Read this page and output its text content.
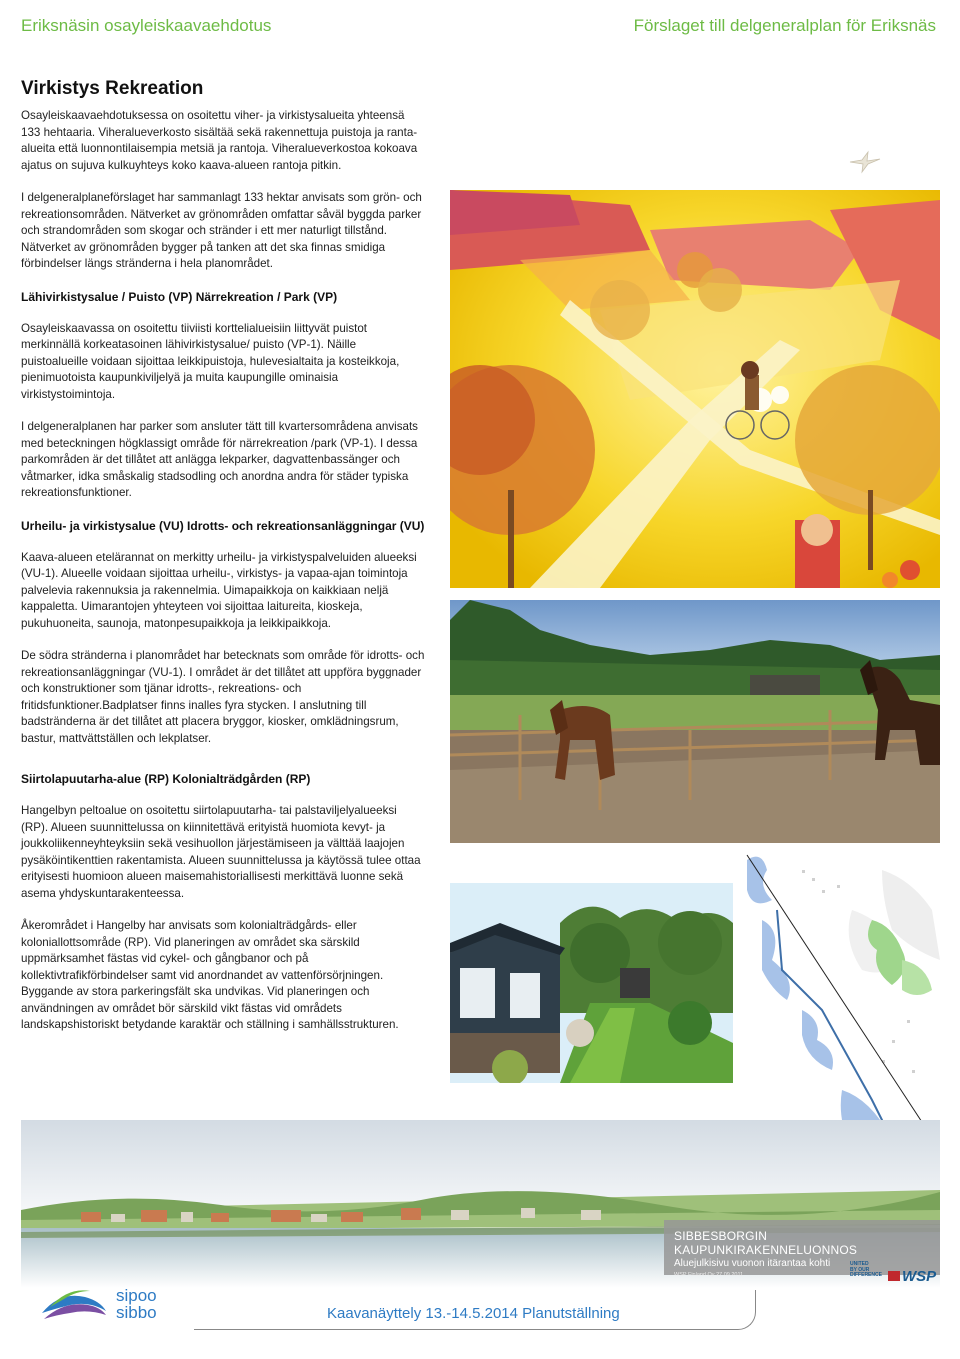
Eriksnäsin osayleiskaavaehdotus	Förslaget till delgeneralplan för Eriksnäs
Virkistys Rekreation
Osayleiskaavaehdotuksessa on osoitettu viher- ja virkistysalueita yhteensä 133 hehtaaria. Viheralueverkosto sisältää sekä rakennettuja puistoja ja ranta-alueita että luonnontilaisempia metsiä ja rantoja. Viheralueverkostoa kokoava ajatus on sujuva kulkuyhteys koko kaava-alueen rantoja pitkin.
I delgeneralplaneförslaget har sammanlagt 133 hektar anvisats som grön- och rekreationsområden. Nätverket av grönområden omfattar såväl byggda parker och strandområden som skogar och stränder i ett mer naturligt tillstånd. Nätverket av grönområden bygger på tanken att det ska finnas smidiga förbindelser längs stränderna i hela planområdet.
Lähivirkistysalue / Puisto (VP) Närrekreation / Park (VP)
Osayleiskaavassa on osoitettu tiiviisti korttelialueisiin liittyvät puistot merkinnällä korkeatasoinen lähivirkistysalue/ puisto (VP-1). Näille puistoalueille voidaan sijoittaa leikkipuistoja, hulevesialtaita ja kosteikkoja, pienimuotoista kaupunkiviljelyä ja muita kaupungille ominaisia virkistystoimintoja.
I delgeneralplanen har parker som ansluter tätt till kvartersområdena anvisats med beteckningen högklassigt område för närrekreation /park (VP-1). I dessa parkområden är det tillåtet att anlägga lekparker, dagvattenbassänger och våtmarker, idka småskalig stadsodling och anordna andra för städer typiska rekreationsfunktioner.
Urheilu- ja virkistysalue (VU) Idrotts- och rekreationsanläggningar (VU)
Kaava-alueen etelärannat on merkitty urheilu- ja virkistyspalveluiden alueeksi (VU-1). Alueelle voidaan sijoittaa urheilu-, virkistys- ja vapaa-ajan toimintoja palvelevia rakennuksia ja rakennelmia. Uimapaikkoja on kaikkiaan neljä kappaletta. Uimarantojen yhteyteen voi sijoittaa laitureita, kioskeja, pukuhuoneita, saunoja, matonpesupaikkoja ja leikkipaikkoja.
De södra stränderna i planområdet har betecknats som område för idrotts- och rekreationsanläggningar (VU-1). I området är det tillåtet att uppföra byggnader och konstruktioner som tjänar idrotts-, rekreations- och fritidsfunktioner.Badplatser finns inalles fyra stycken. I anslutning till badstränderna är det tillåtet att placera bryggor, kiosker, omklädningsrum, bastur, mattvättställen och lekplatser.
Siirtolapuutarha-alue (RP) Kolonialträdgården (RP)
Hangelbyn peltoalue on osoitettu siirtolapuutarha- tai palstaviljelyalueeksi (RP). Alueen suunnittelussa on kiinnitettävä erityistä huomiota kevyt- ja joukkoliikenneyhteyksiin sekä vesihuollon järjestämiseen ja välttää laajojen pysäköintikenttien rakentamista. Alueen suunnittelussa ja käytössä tulee ottaa erityisesti huomioon alueen maisemahistoriallisesti merkittävä luonne sekä asema yhdyskuntarakenteessa.
Åkerområdet i Hangelby har anvisats som kolonialträdgårds- eller koloniallottsområde (RP). Vid planeringen av området ska särskild uppmärksamhet fästas vid cykel- och gångbanor och på kollektivtrafikförbindelser samt vid anordnandet av vattenförsörjningen. Byggande av stora parkeringsfält ska undvikas. Vid planeringen och användningen av området bör särskild vikt fästas vid områdets landskapshistoriskt betydande karaktär och ställning i samhällsstrukturen.
SIBBESBORGIN KAUPUNKIRAKENNELUONNOS
Aluejulkisivu vuonon itärantaa kohti
WSP Finland Oy 27.09.2011
UNITED
BY OUR
DIFFERENCE	WSP
sipoo
sibbo	Kaavanäyttely 13.-14.5.2014 Planutställning
